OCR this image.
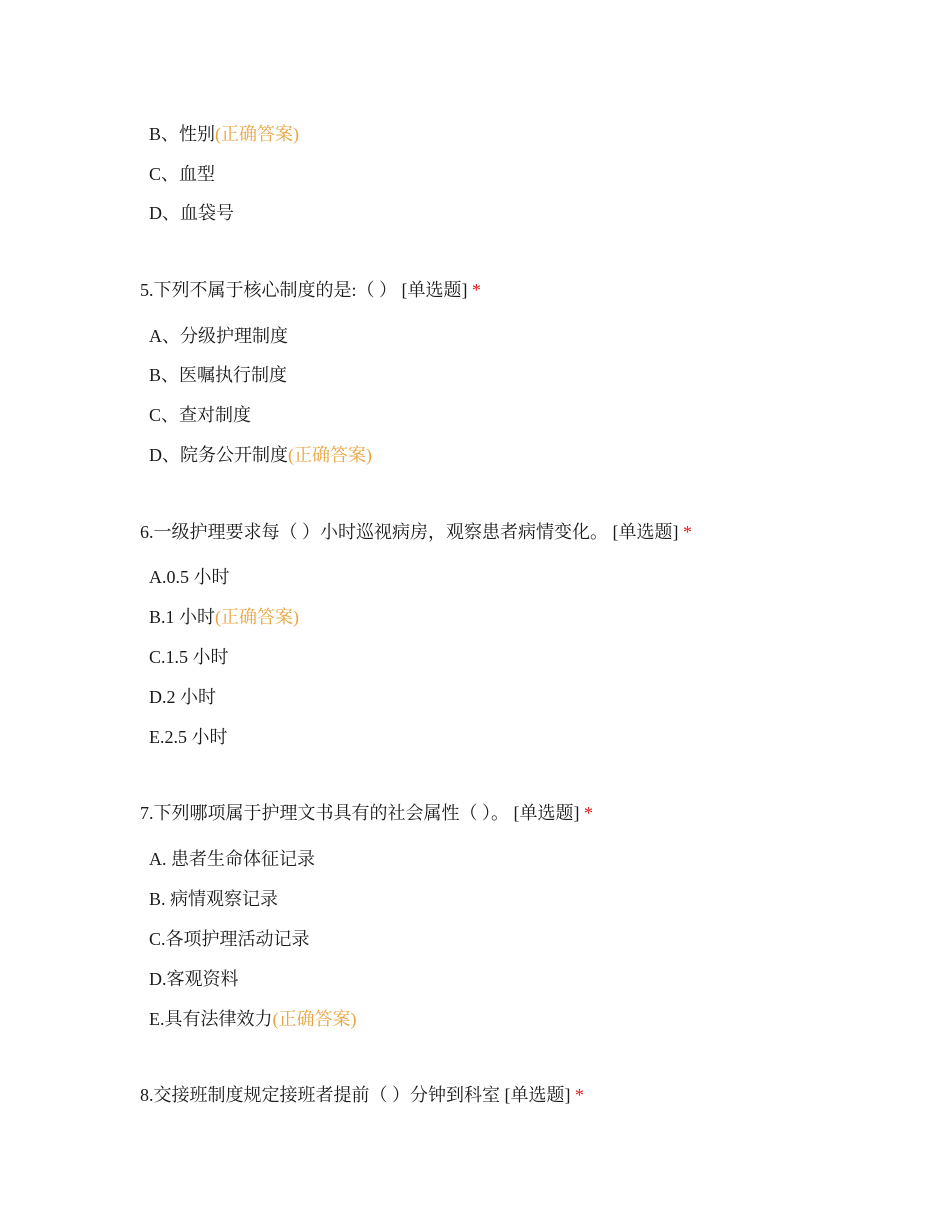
B、性别(正确答案)
C、血型
D、血袋号
5.下列不属于核心制度的是:（ ） [单选题] *
A、分级护理制度
B、医嘱执行制度
C、查对制度
D、院务公开制度(正确答案)
6.一级护理要求每（ ）小时巡视病房，观察患者病情变化。 [单选题] *
A.0.5 小时
B.1 小时(正确答案)
C.1.5 小时
D.2 小时
E.2.5 小时
7.下列哪项属于护理文书具有的社会属性（ ）。 [单选题] *
A. 患者生命体征记录
B. 病情观察记录
C.各项护理活动记录
D.客观资料
E.具有法律效力(正确答案)
8.交接班制度规定接班者提前（ ）分钟到科室 [单选题] *
